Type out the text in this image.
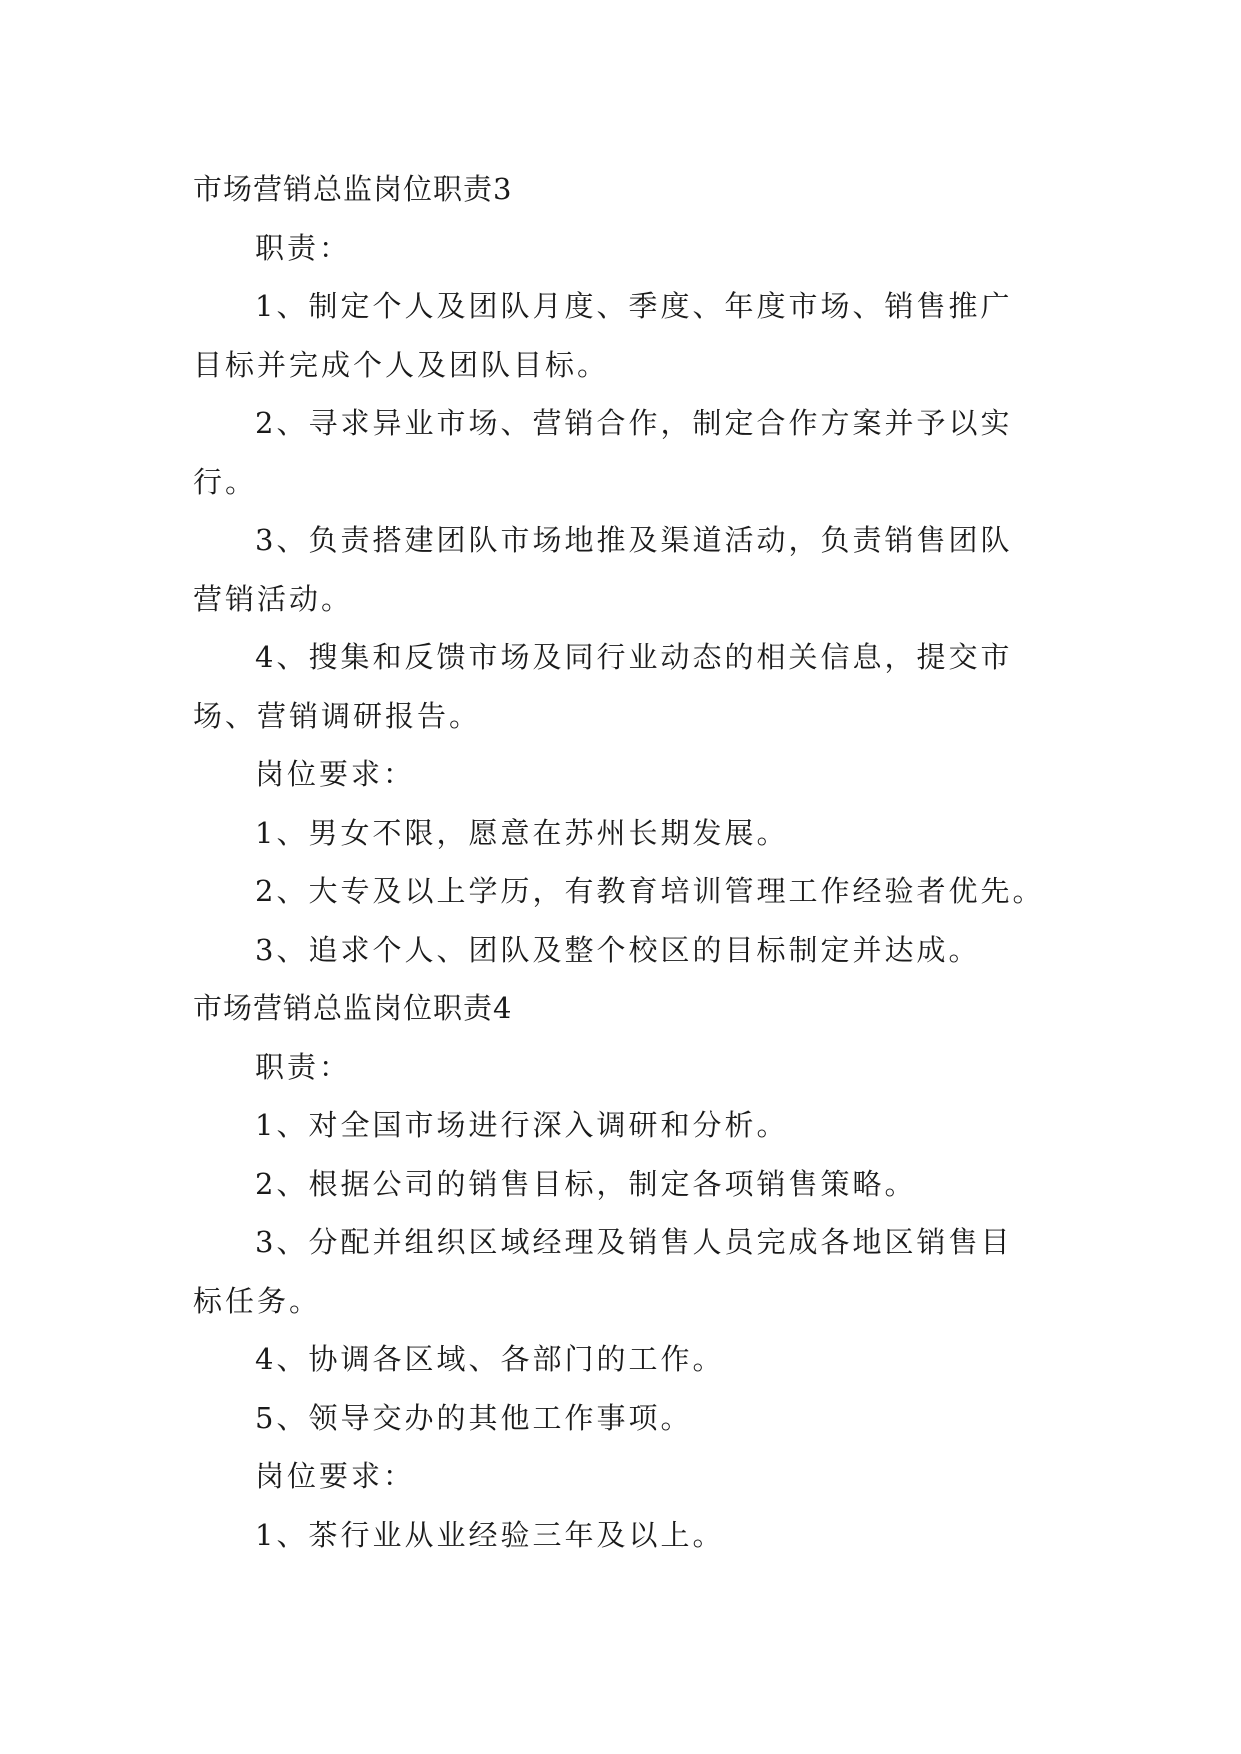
市场营销总监岗位职责3
职责：
1、制定个人及团队月度、季度、年度市场、销售推广
目标并完成个人及团队目标。
2、寻求异业市场、营销合作，制定合作方案并予以实
行。
3、负责搭建团队市场地推及渠道活动，负责销售团队
营销活动。
4、搜集和反馈市场及同行业动态的相关信息，提交市
场、营销调研报告。
岗位要求：
1、男女不限，愿意在苏州长期发展。
2、大专及以上学历，有教育培训管理工作经验者优先。
3、追求个人、团队及整个校区的目标制定并达成。
市场营销总监岗位职责4
职责：
1、对全国市场进行深入调研和分析。
2、根据公司的销售目标，制定各项销售策略。
3、分配并组织区域经理及销售人员完成各地区销售目
标任务。
4、协调各区域、各部门的工作。
5、领导交办的其他工作事项。
岗位要求：
1、茶行业从业经验三年及以上。
